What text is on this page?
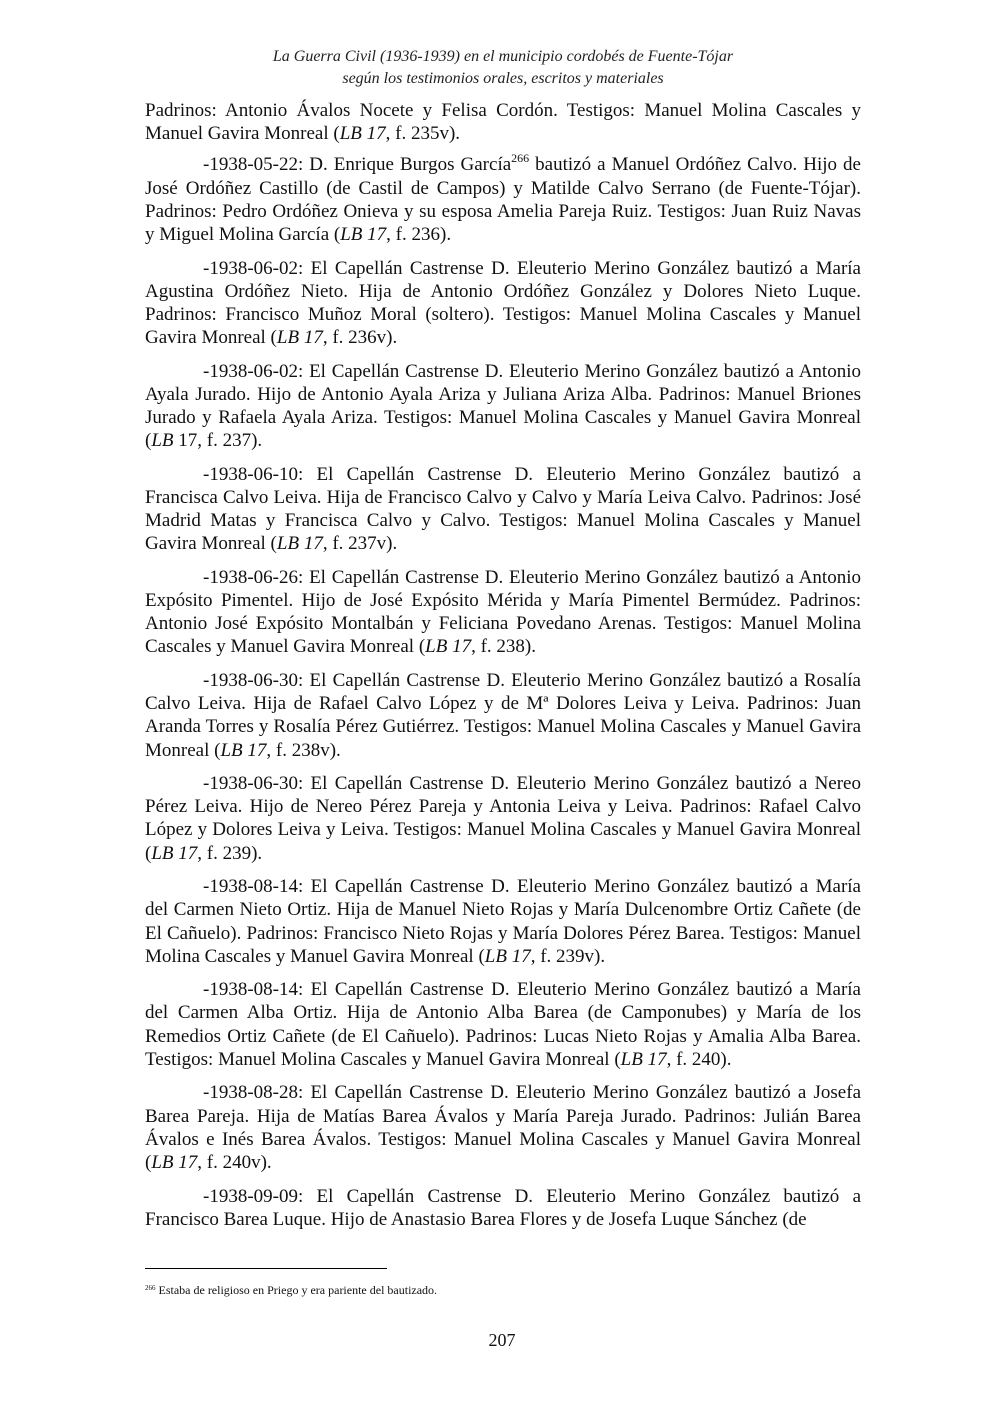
La Guerra Civil (1936-1939) en el municipio cordobés de Fuente-Tójar
según los testimonios orales, escritos y materiales

Padrinos: Antonio Ávalos Nocete y Felisa Cordón. Testigos: Manuel Molina Cascales y Manuel Gavira Monreal (LB 17, f. 235v).

-1938-05-22: D. Enrique Burgos García$^{266}$ bautizó a Manuel Ordóñez Calvo. Hijo de José Ordóñez Castillo (de Castil de Campos) y Matilde Calvo Serrano (de Fuente-Tójar). Padrinos: Pedro Ordóñez Onieva y su esposa Amelia Pareja Ruiz. Testigos: Juan Ruiz Navas y Miguel Molina García (LB 17, f. 236).

-1938-06-02: El Capellán Castrense D. Eleuterio Merino González bautizó a María Agustina Ordóñez Nieto. Hija de Antonio Ordóñez González y Dolores Nieto Luque. Padrinos: Francisco Muñoz Moral (soltero). Testigos: Manuel Molina Cascales y Manuel Gavira Monreal (LB 17, f. 236v).

-1938-06-02: El Capellán Castrense D. Eleuterio Merino González bautizó a Antonio Ayala Jurado. Hijo de Antonio Ayala Ariza y Juliana Ariza Alba. Padrinos: Manuel Briones Jurado y Rafaela Ayala Ariza. Testigos: Manuel Molina Cascales y Manuel Gavira Monreal (LB 17, f. 237).

-1938-06-10: El Capellán Castrense D. Eleuterio Merino González bautizó a Francisca Calvo Leiva. Hija de Francisco Calvo y Calvo y María Leiva Calvo. Padrinos: José Madrid Matas y Francisca Calvo y Calvo. Testigos: Manuel Molina Cascales y Manuel Gavira Monreal (LB 17, f. 237v).

-1938-06-26: El Capellán Castrense D. Eleuterio Merino González bautizó a Antonio Expósito Pimentel. Hijo de José Expósito Mérida y María Pimentel Bermúdez. Padrinos: Antonio José Expósito Montalbán y Feliciana Povedano Arenas. Testigos: Manuel Molina Cascales y Manuel Gavira Monreal (LB 17, f. 238).

-1938-06-30: El Capellán Castrense D. Eleuterio Merino González bautizó a Rosalía Calvo Leiva. Hija de Rafael Calvo López y de Mª Dolores Leiva y Leiva. Padrinos: Juan Aranda Torres y Rosalía Pérez Gutiérrez. Testigos: Manuel Molina Cascales y Manuel Gavira Monreal (LB 17, f. 238v).

-1938-06-30: El Capellán Castrense D. Eleuterio Merino González bautizó a Nereo Pérez Leiva. Hijo de Nereo Pérez Pareja y Antonia Leiva y Leiva. Padrinos: Rafael Calvo López y Dolores Leiva y Leiva. Testigos: Manuel Molina Cascales y Manuel Gavira Monreal (LB 17, f. 239).

-1938-08-14: El Capellán Castrense D. Eleuterio Merino González bautizó a María del Carmen Nieto Ortiz. Hija de Manuel Nieto Rojas y María Dulcenombre Ortiz Cañete (de El Cañuelo). Padrinos: Francisco Nieto Rojas y María Dolores Pérez Barea. Testigos: Manuel Molina Cascales y Manuel Gavira Monreal (LB 17, f. 239v).

-1938-08-14: El Capellán Castrense D. Eleuterio Merino González bautizó a María del Carmen Alba Ortiz. Hija de Antonio Alba Barea (de Camponubes) y María de los Remedios Ortiz Cañete (de El Cañuelo). Padrinos: Lucas Nieto Rojas y Amalia Alba Barea. Testigos: Manuel Molina Cascales y Manuel Gavira Monreal (LB 17, f. 240).

-1938-08-28: El Capellán Castrense D. Eleuterio Merino González bautizó a Josefa Barea Pareja. Hija de Matías Barea Ávalos y María Pareja Jurado. Padrinos: Julián Barea Ávalos e Inés Barea Ávalos. Testigos: Manuel Molina Cascales y Manuel Gavira Monreal (LB 17, f. 240v).

-1938-09-09: El Capellán Castrense D. Eleuterio Merino González bautizó a Francisco Barea Luque. Hijo de Anastasio Barea Flores y de Josefa Luque Sánchez (de

$^{266}$ Estaba de religioso en Priego y era pariente del bautizado.
207
